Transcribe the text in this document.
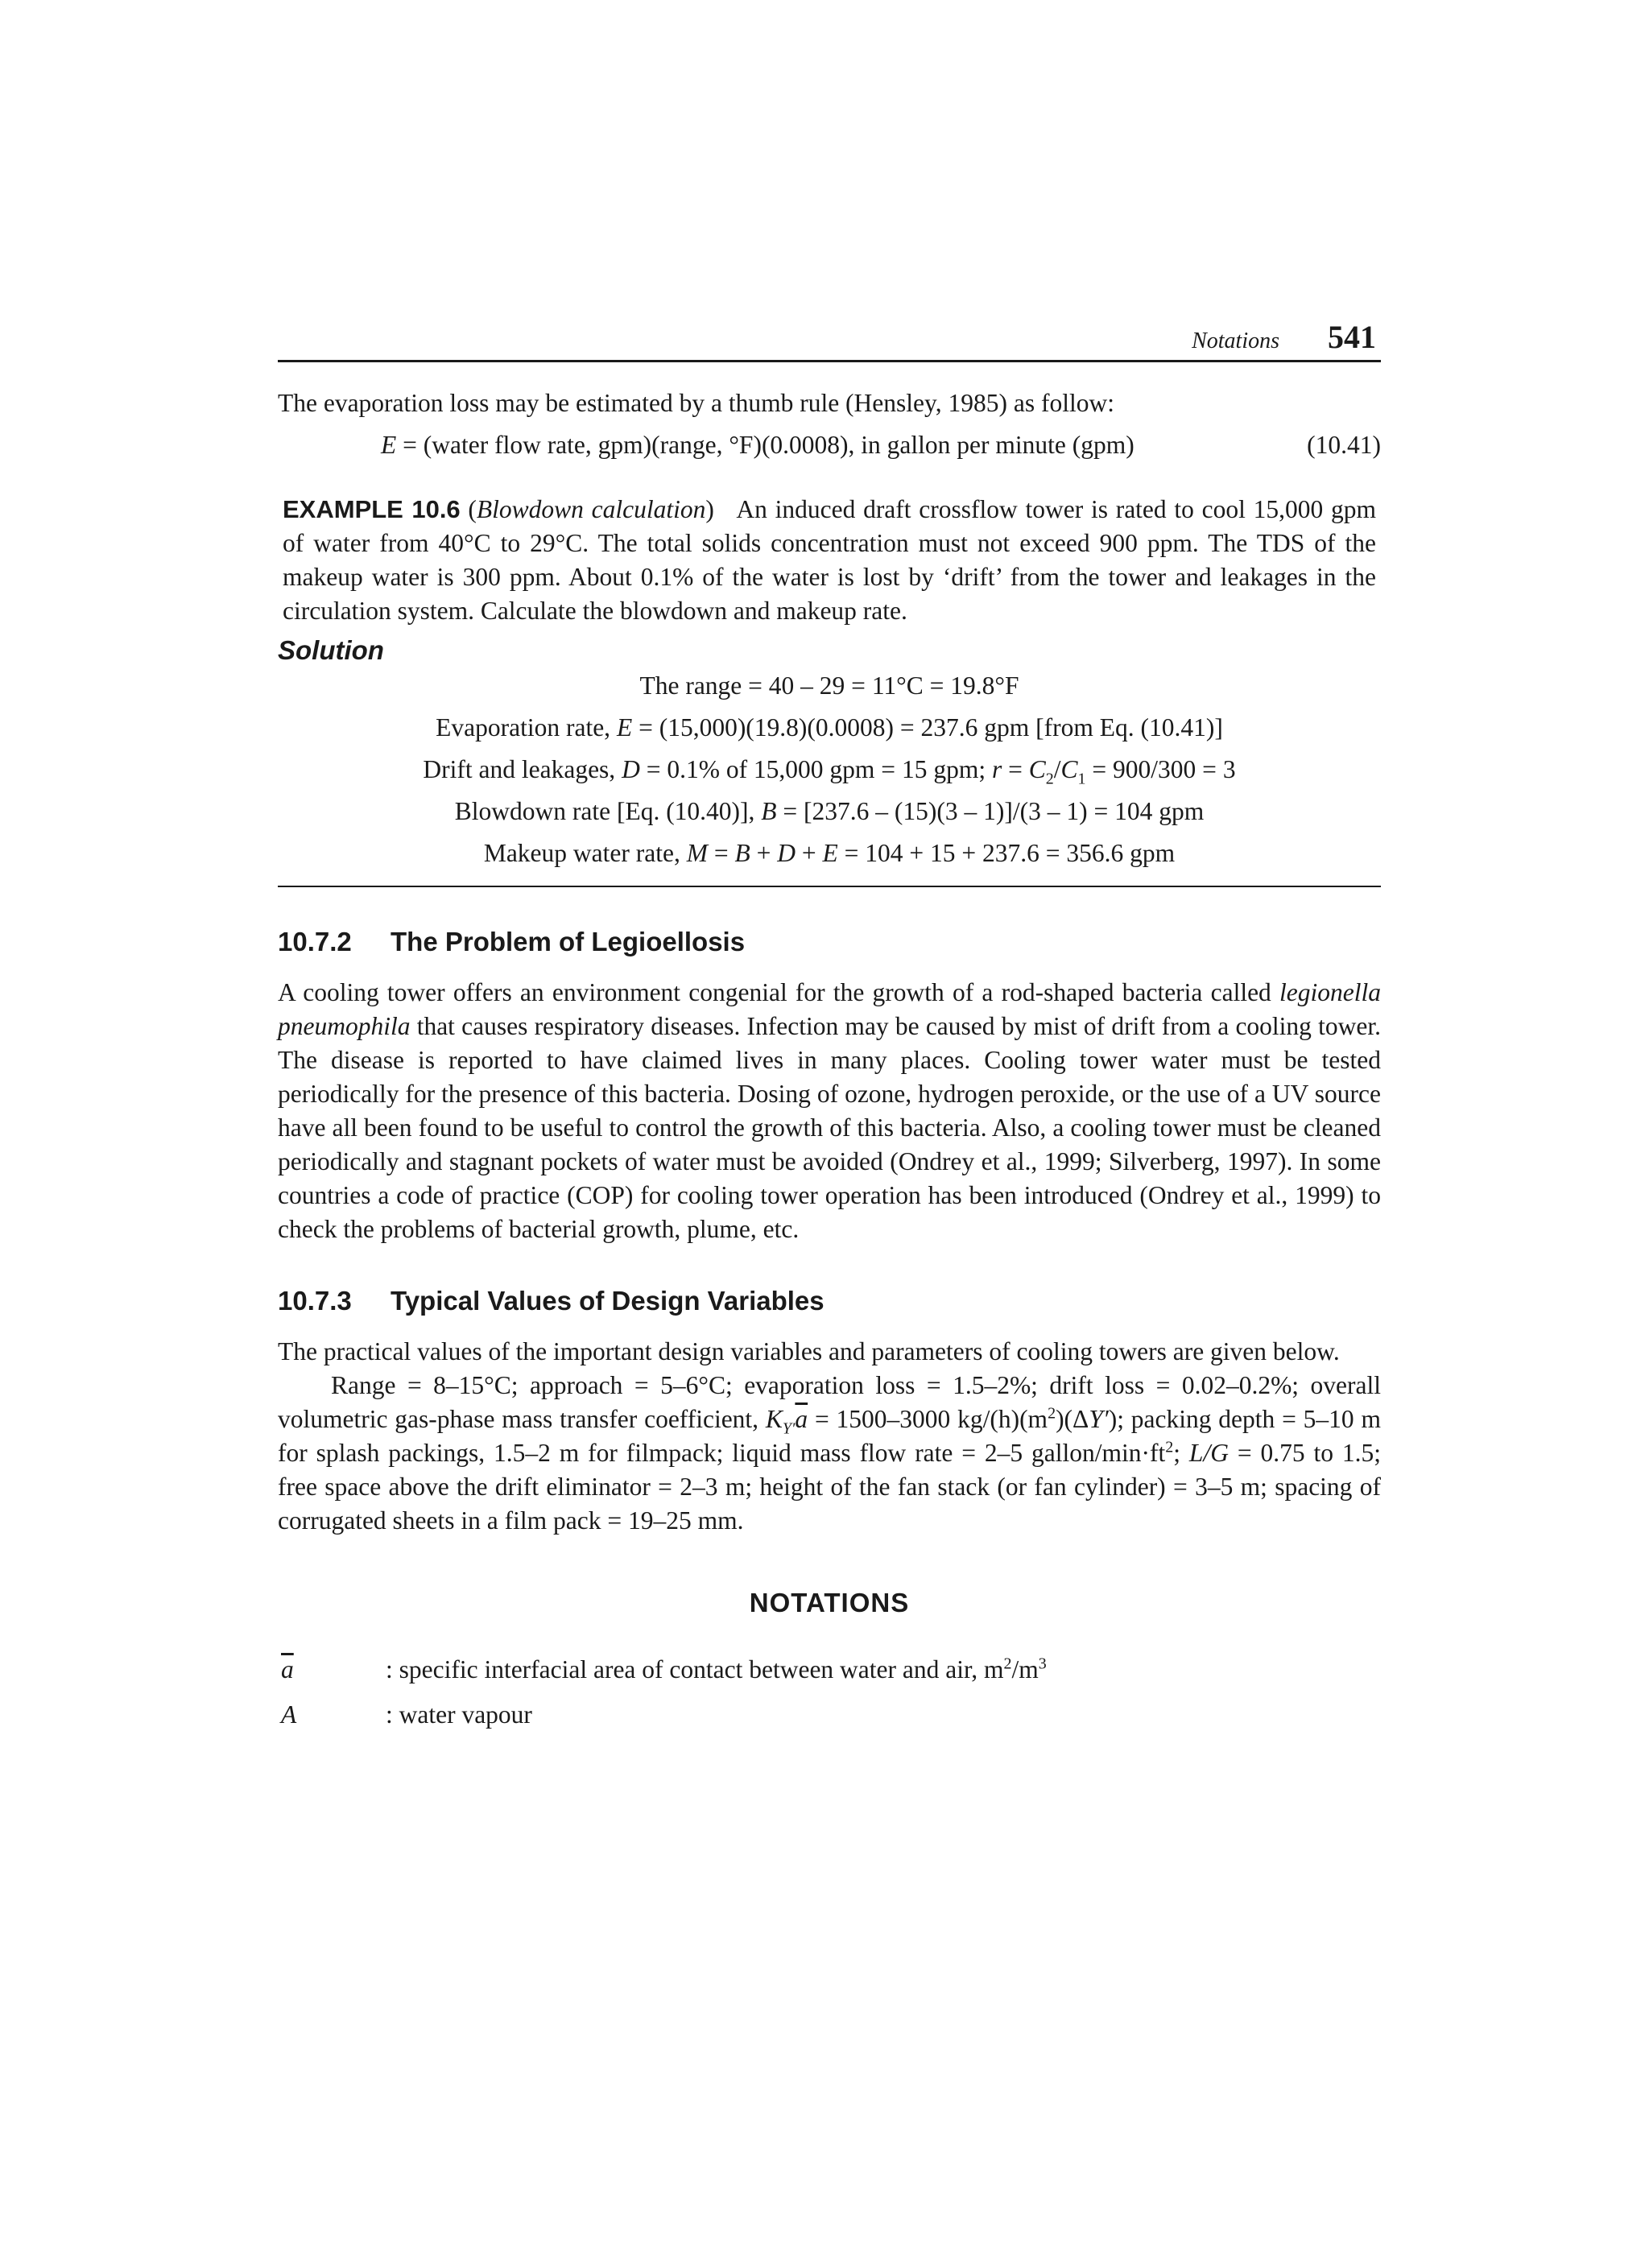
Notations 541

The evaporation loss may be estimated by a thumb rule (Hensley, 1985) as follow:

E = (water flow rate, gpm)(range, °F)(0.0008), in gallon per minute (gpm)	(10.41)

EXAMPLE 10.6 (Blowdown calculation)   An induced draft crossflow tower is rated to cool 15,000 gpm of water from 40°C to 29°C. The total solids concentration must not exceed 900 ppm. The TDS of the makeup water is 300 ppm. About 0.1% of the water is lost by ‘drift’ from the tower and leakages in the circulation system. Calculate the blowdown and makeup rate.

Solution
The range = 40 – 29 = 11°C = 19.8°F
Evaporation rate, E = (15,000)(19.8)(0.0008) = 237.6 gpm [from Eq. (10.41)]
Drift and leakages, D = 0.1% of 15,000 gpm = 15 gpm; $r = C_2/C_1 = 900/300 = 3$
Blowdown rate [Eq. (10.40)], B = [237.6 – (15)(3 – 1)]/(3 – 1) = 104 gpm
Makeup water rate, M = B + D + E = 104 + 15 + 237.6 = 356.6 gpm
10.7.2 The Problem of Legioellosis

A cooling tower offers an environment congenial for the growth of a rod-shaped bacteria called legionella pneumophila that causes respiratory diseases. Infection may be caused by mist of drift from a cooling tower. The disease is reported to have claimed lives in many places. Cooling tower water must be tested periodically for the presence of this bacteria. Dosing of ozone, hydrogen peroxide, or the use of a UV source have all been found to be useful to control the growth of this bacteria. Also, a cooling tower must be cleaned periodically and stagnant pockets of water must be avoided (Ondrey et al., 1999; Silverberg, 1997). In some countries a code of practice (COP) for cooling tower operation has been introduced (Ondrey et al., 1999) to check the problems of bacterial growth, plume, etc.

10.7.3 Typical Values of Design Variables

The practical values of the important design variables and parameters of cooling towers are given below.

Range = 8–15°C; approach = 5–6°C; evaporation loss = 1.5–2%; drift loss = 0.02–0.2%; overall volumetric gas-phase mass transfer coefficient, $K_{Y'}\overline{a} = 1500-3000$ $kg/(h)(m^2)(\Delta Y')$; packing depth = 5–10 m for splash packings, 1.5–2 m for filmpack; liquid mass flow rate = 2–5 gallon/$\min\cdot ft^2$; L/G = 0.75 to 1.5; free space above the drift eliminator = 2–3 m; height of the fan stack (or fan cylinder) = 3–5 m; spacing of corrugated sheets in a film pack = 19–25 mm.

NOTATIONS
$\overline{a}$	: specific interfacial area of contact between water and air, $m^2/m^3$
A	: water vapour
